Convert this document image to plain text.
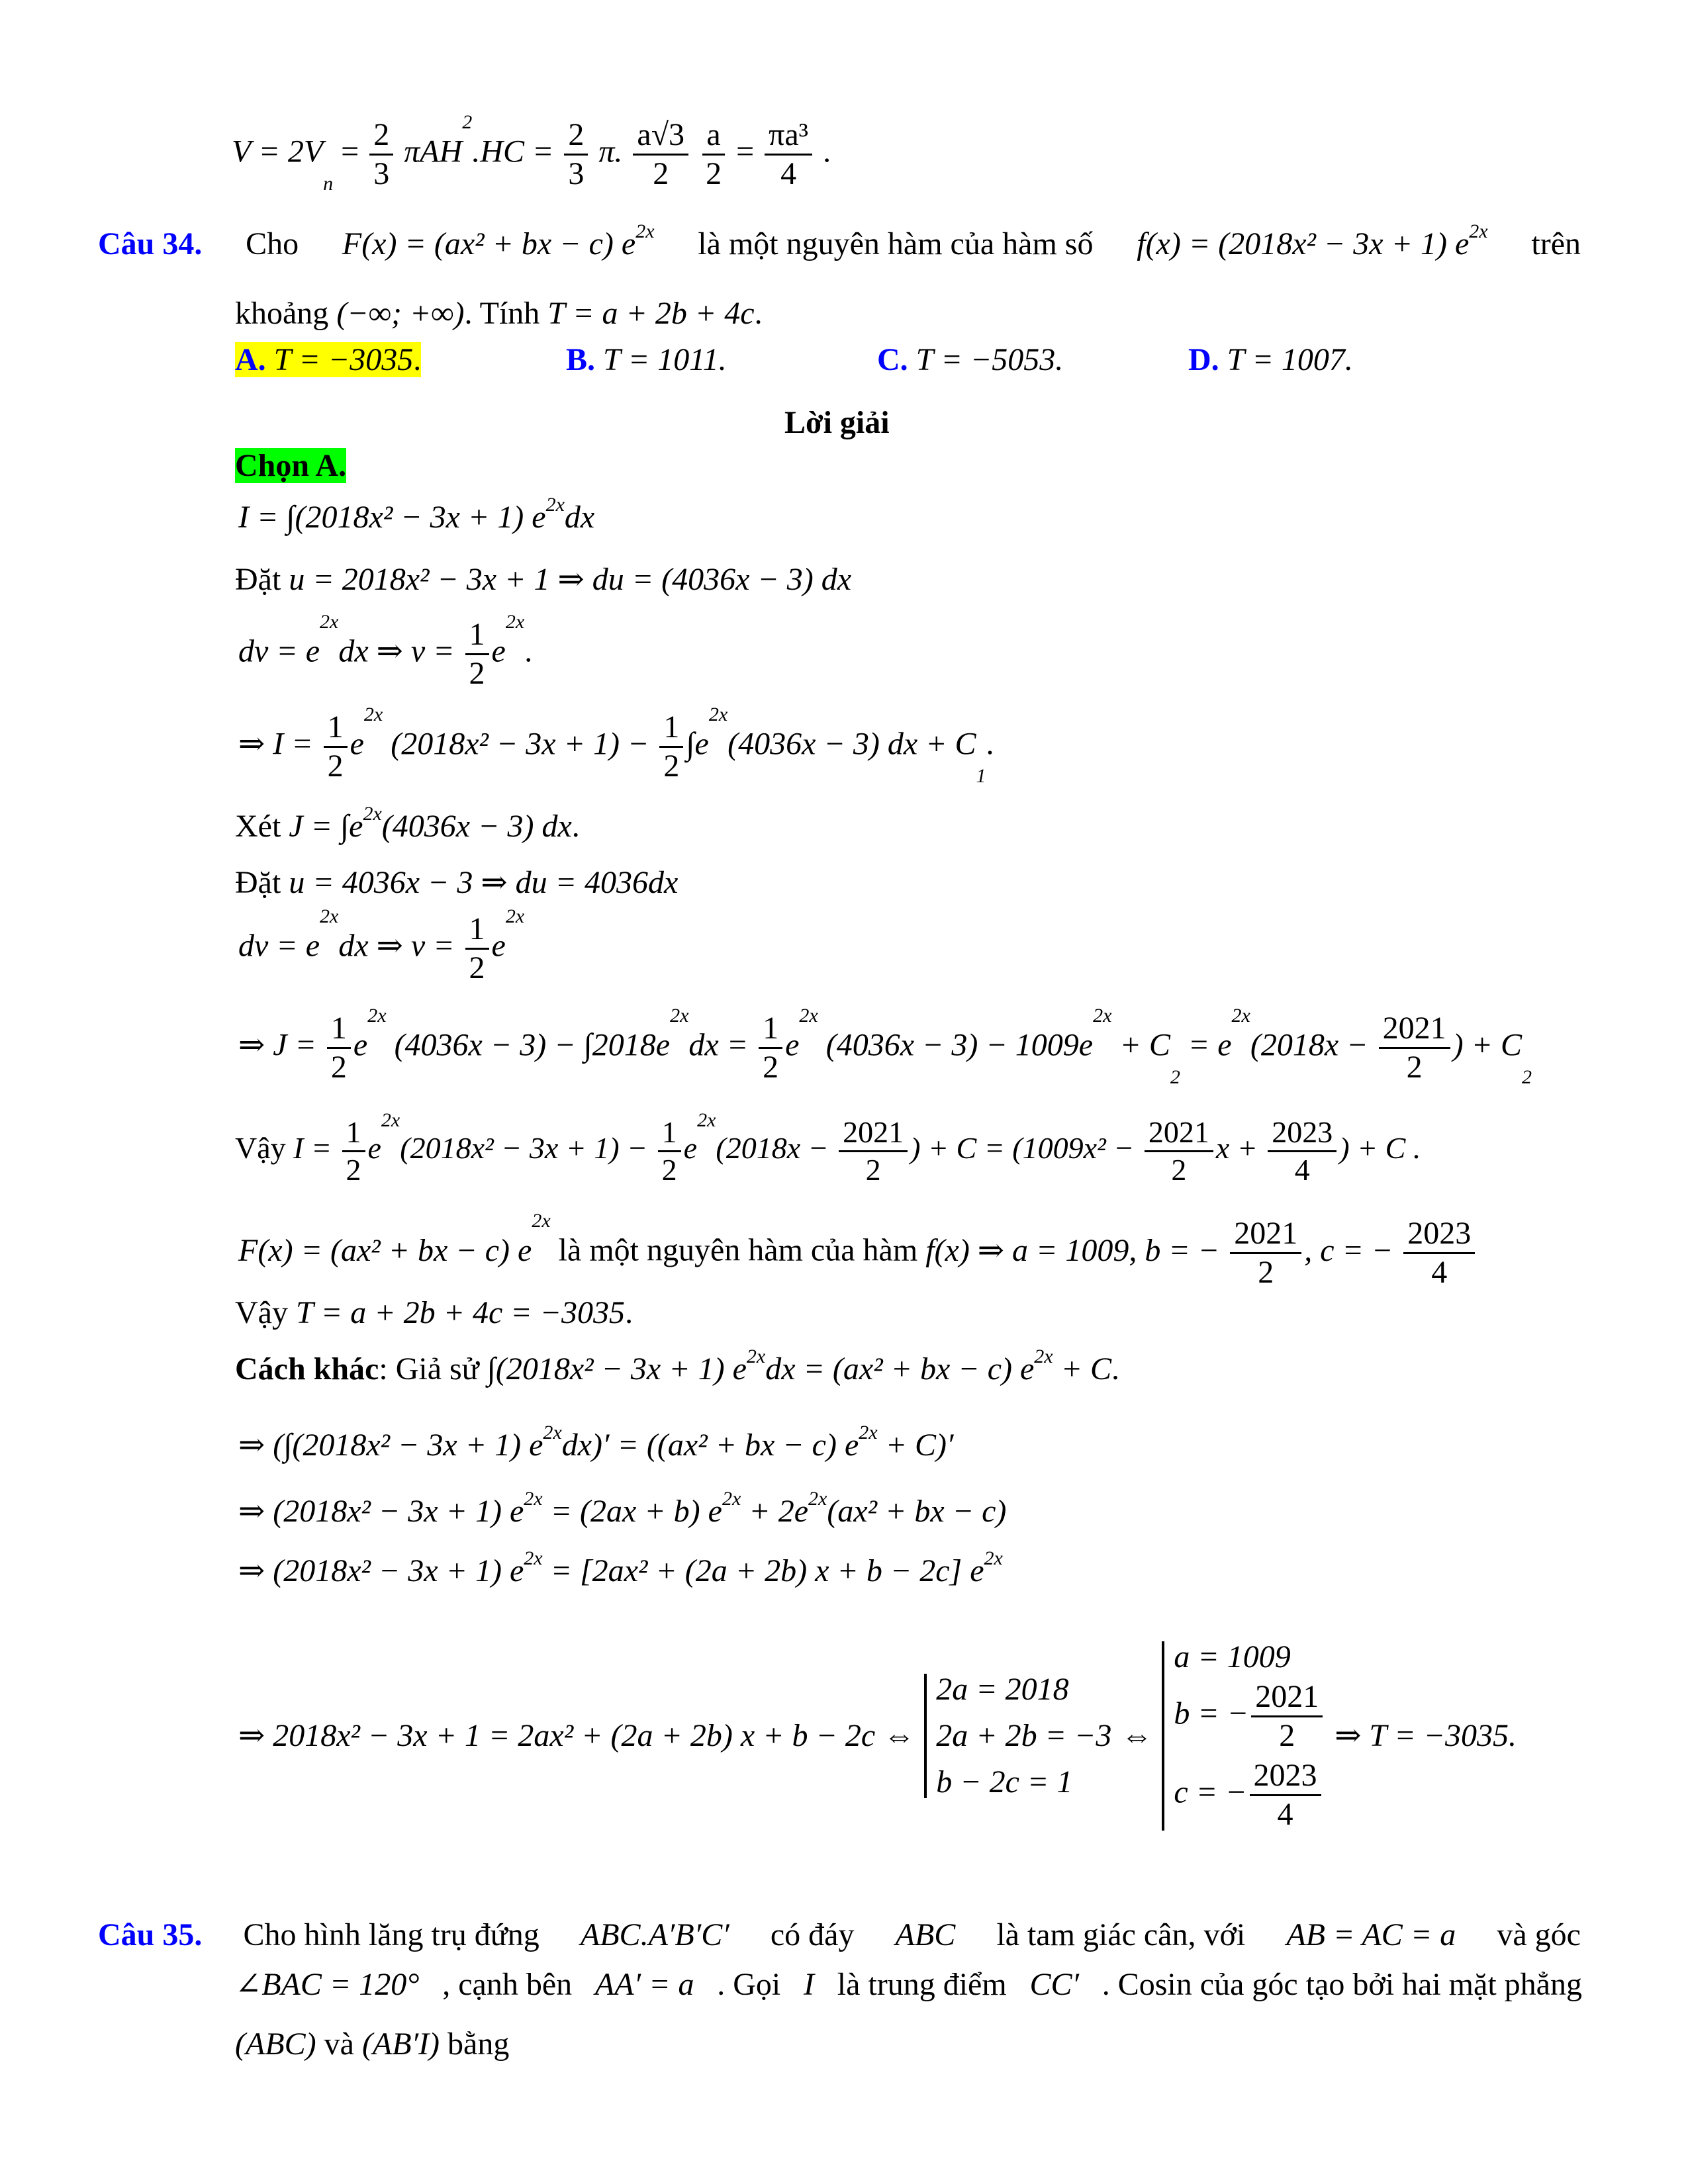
$V = 2V_n = \frac{2}{3} \pi AH^2.HC = \frac{2}{3} \pi$. $\frac{a√3}{2}$
$\frac{a}{2} = \frac{\text{πa³}}{4}$ .
Câu 34. Cho F(x) = (ax² + bx − c) $e^{2x}$ là một nguyên hàm của hàm số f(x) = (2018x² − 3x + 1) $e^{2x}$ trên
khoảng (−∞; +∞). Tính T = a + 2b + 4c.
A. T = −3035.	B. T = 1011.	C. T = −5053.	D. T = 1007.
Lời giải
Chọn A.
I = ∫(2018x² − 3x + 1) $e^{2x}dx$
Đặt u = 2018x² − 3x + 1 ⇒ du = (4036x − 3) dx
dv = $e^{2x}dx$ ⇒ $v = \frac{1}{2} e^{2x}$.
⇒ $I = \frac{1}{2} e^{2x}$ $(2018x^2 - 3x + 1) - \frac{1}{2} \int e^{2x}(4036x - 3)$ dx + $C_1$.
Xét $J = \int e^{2x}(4036x - 3)$ dx.
Đặt u = 4036x − 3 ⇒ du = 4036dx
dv = $e^{2x}dx$ ⇒ $v = \frac{1}{2} e^{2x}$
⇒ $J = \frac{1}{2} e^{2x}$ $(4036x - 3) - \int 2018e^{2x}dx = \frac{1}{2} e^{2x}$ $(4036x - 3) - 1009e^{2x} + C_2 = e^{2x}(2018x - \frac{2021}{2}$ ) + $C_2$
Vậy $I = \frac{1}{2} e^{2x}(2018x^2 - 3x + 1) - \frac{1}{2} e^{2x}(2018x - \frac{2021}{2}$ ) + $C = (1009x^2 - \frac{2021}{2}$ $x + \frac{2023}{4}$ ) + C .
F(x) = (ax² + bx − c) $e^{2x}$ là một nguyên hàm của hàm f(x) ⇒ a = 1009, b = − $\frac{2021}{2}$ , c = − $\frac{2023}{4}$
Vậy T = a + 2b + 4c = −3035.
Cách khác: Giả sử ∫(2018x² − 3x + 1) $e^{2x}dx = (ax^2$ + bx − c) $e^{2x} + C$.
⇒ (∫(2018x² − 3x + 1) $e^{2x}dx)' = ((ax^2$ + bx − c) $e^{2x} + C)'$
⇒ (2018x² − 3x + 1) $e^{2x} = (2ax + b) e^{2x} + 2e^{2x}(ax^2$ + bx − c)
⇒ (2018x² − 3x + 1) $e^{2x} = [2ax^2 + (2a + 2b) x + b - 2c]$ $e^{2x}$
⇒ 2018x² − 3x + 1 = 2ax² + (2a + 2b) x + b − 2c ⇔
2a = 2018
2a + 2b = −3
b − 2c = 1
⇔
a = 1009
b = − $\frac{2021}{2}$
c = − $\frac{2023}{4}$
⇒
T = −3035.
Câu 35. Cho hình lăng trụ đứng ABC.A′B′C′ có đáy ABC là tam giác cân, với AB = AC = a và góc
∠BAC = 120° , cạnh bên AA′ = a . Gọi I là trung điểm CC′ . Cosin của góc tạo bởi hai mặt phẳng
(ABC) và (AB′I) bằng
